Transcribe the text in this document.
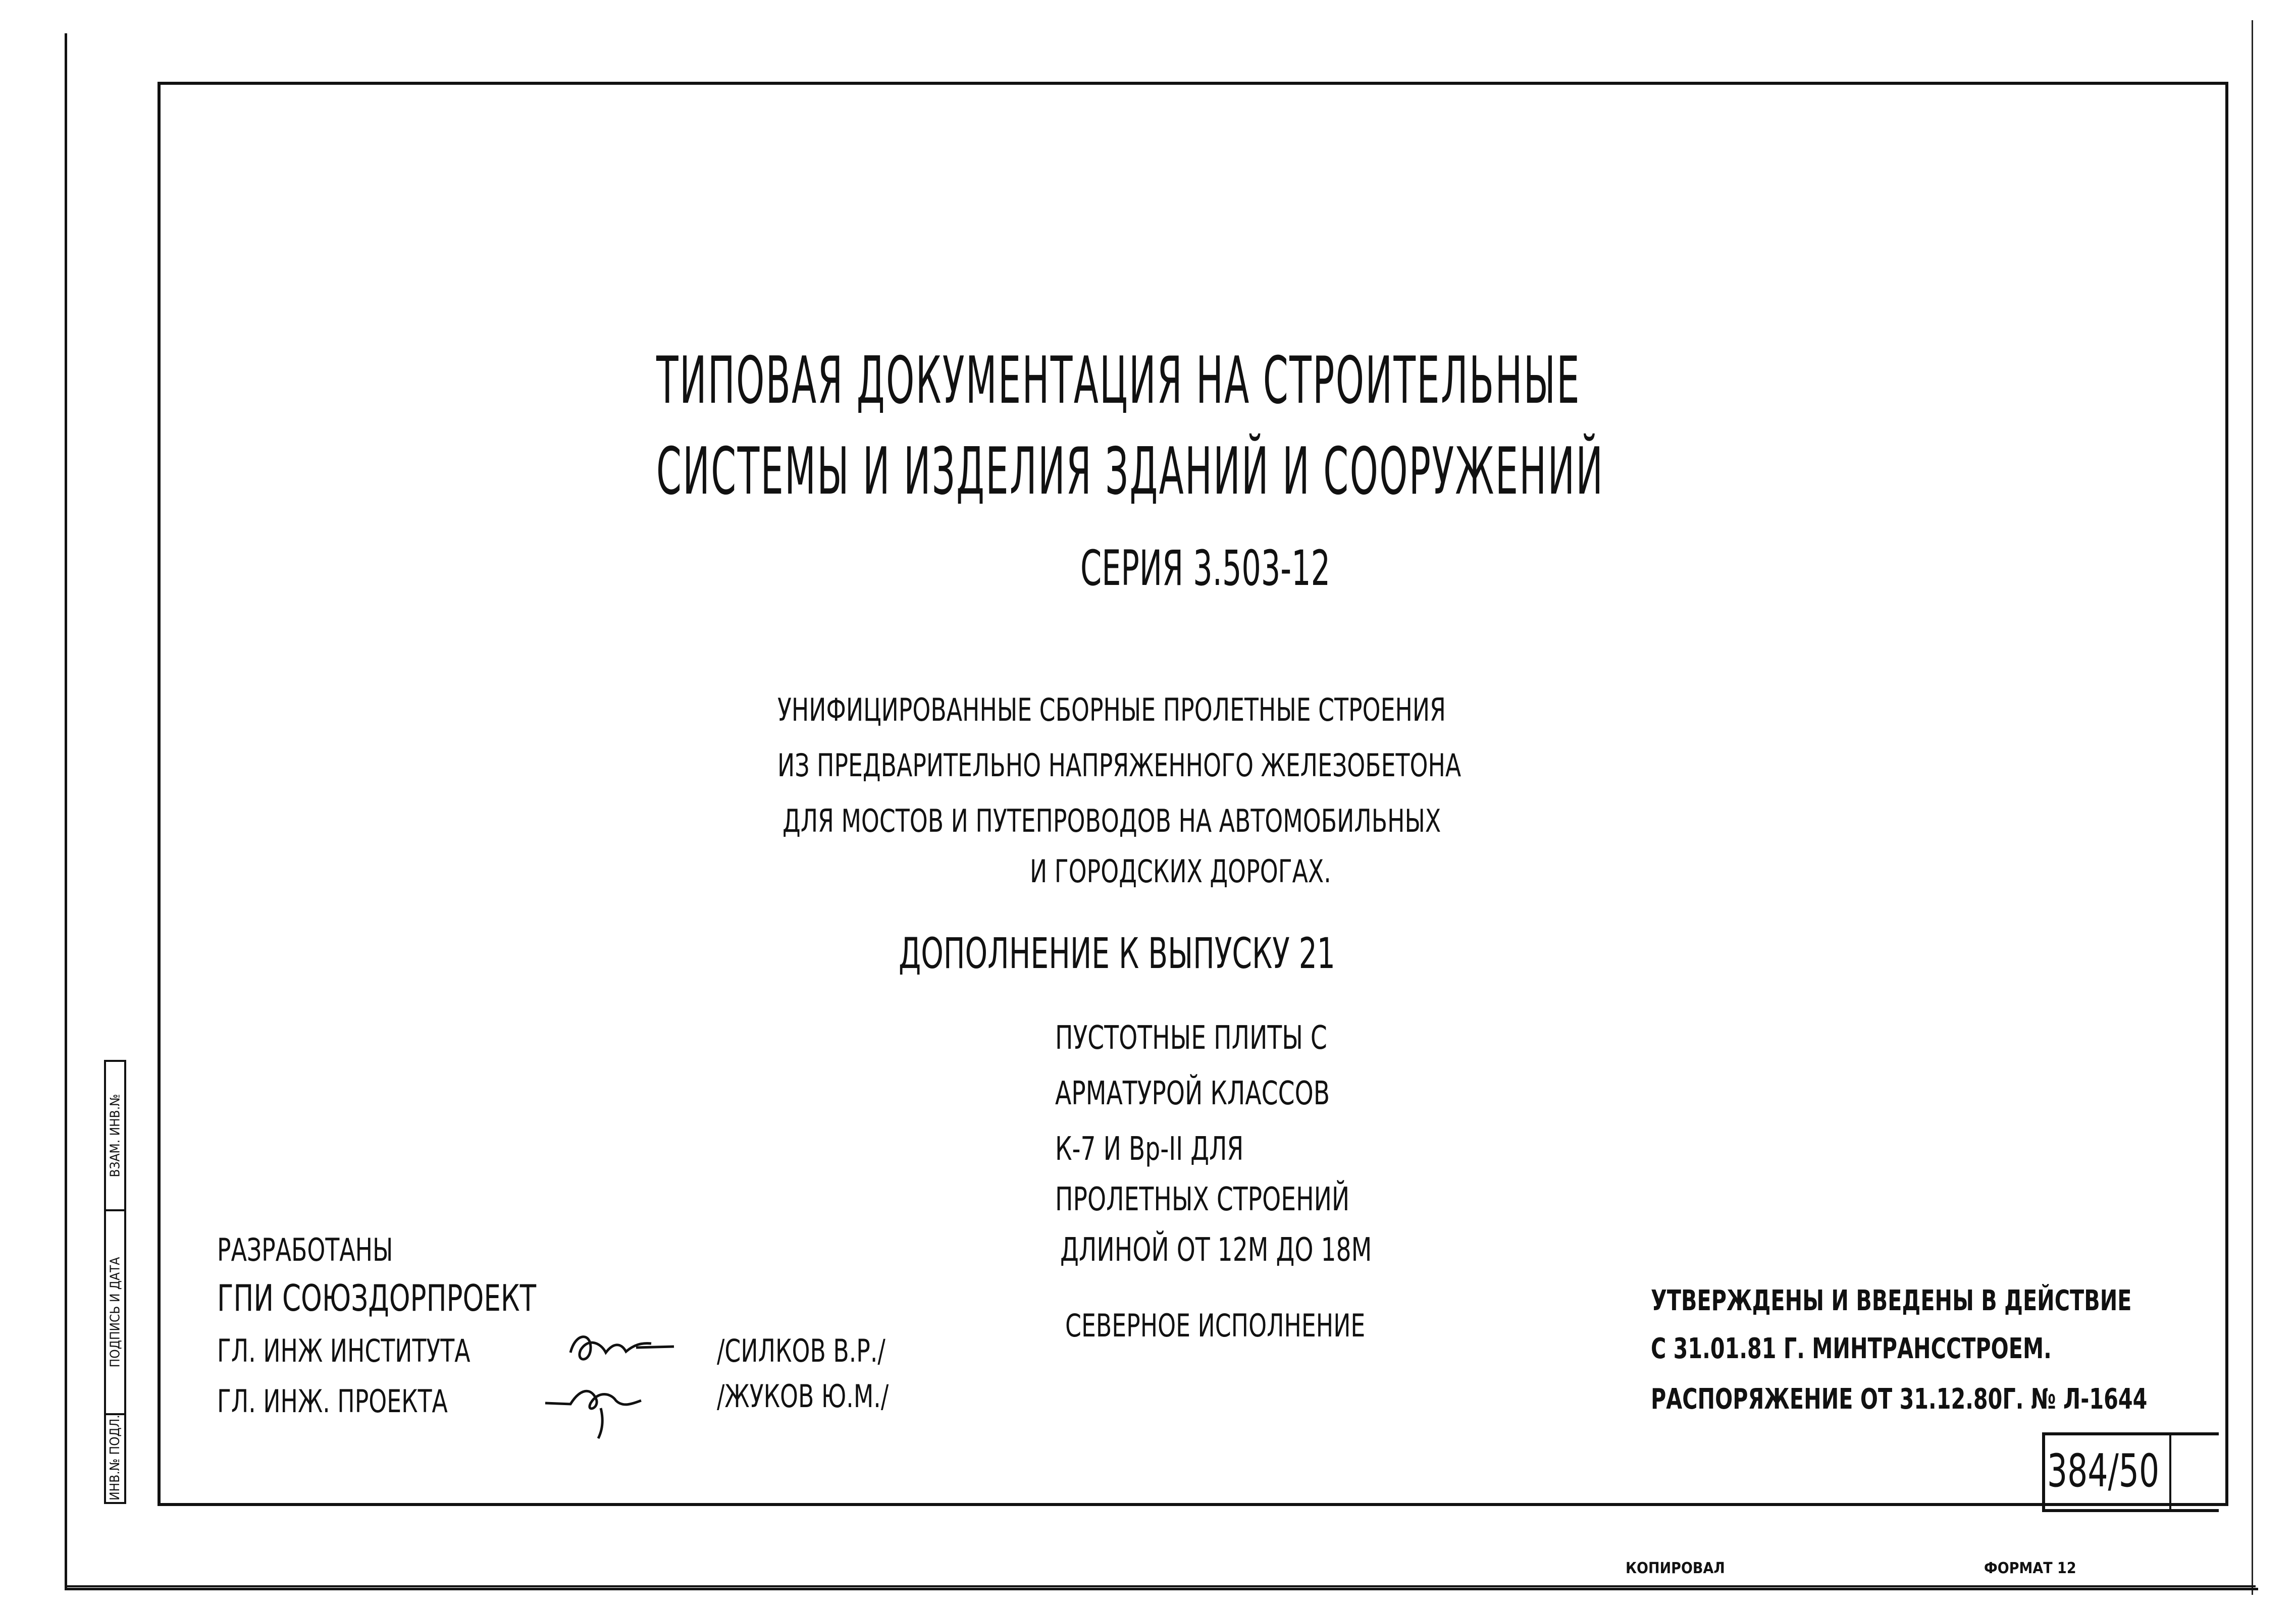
ВЗАМ. ИНВ.№
ПОДПИСЬ И ДАТА
ИНВ.№ ПОДЛ.
ТИПОВАЯ ДОКУМЕНТАЦИЯ НА СТРОИТЕЛЬНЫЕ
СИСТЕМЫ И ИЗДЕЛИЯ ЗДАНИЙ И СООРУЖЕНИЙ
СЕРИЯ 3.503-12
УНИФИЦИРОВАННЫЕ СБОРНЫЕ ПРОЛЕТНЫЕ СТРОЕНИЯ
ИЗ ПРЕДВАРИТЕЛЬНО НАПРЯЖЕННОГО ЖЕЛЕЗОБЕТОНА
ДЛЯ МОСТОВ И ПУТЕПРОВОДОВ НА АВТОМОБИЛЬНЫХ
И ГОРОДСКИХ ДОРОГАХ.
ДОПОЛНЕНИЕ К ВЫПУСКУ 21
ПУСТОТНЫЕ ПЛИТЫ С
АРМАТУРОЙ КЛАССОВ
К-7 И Вр-II ДЛЯ
ПРОЛЕТНЫХ СТРОЕНИЙ
ДЛИНОЙ ОТ 12М ДО 18М
СЕВЕРНОЕ ИСПОЛНЕНИЕ
РАЗРАБОТАНЫ
ГПИ СОЮЗДОРПРОЕКТ
ГЛ. ИНЖ ИНСТИТУТА	/СИЛКОВ В.Р./
ГЛ. ИНЖ. ПРОЕКТА	/ЖУКОВ Ю.М./
УТВЕРЖДЕНЫ И ВВЕДЕНЫ В ДЕЙСТВИЕ
С 31.01.81 Г. МИНТРАНССТРОЕМ.
РАСПОРЯЖЕНИЕ ОТ 31.12.80Г. № Л-1644
384/50
КОПИРОВАЛ	ФОРМАТ 12
